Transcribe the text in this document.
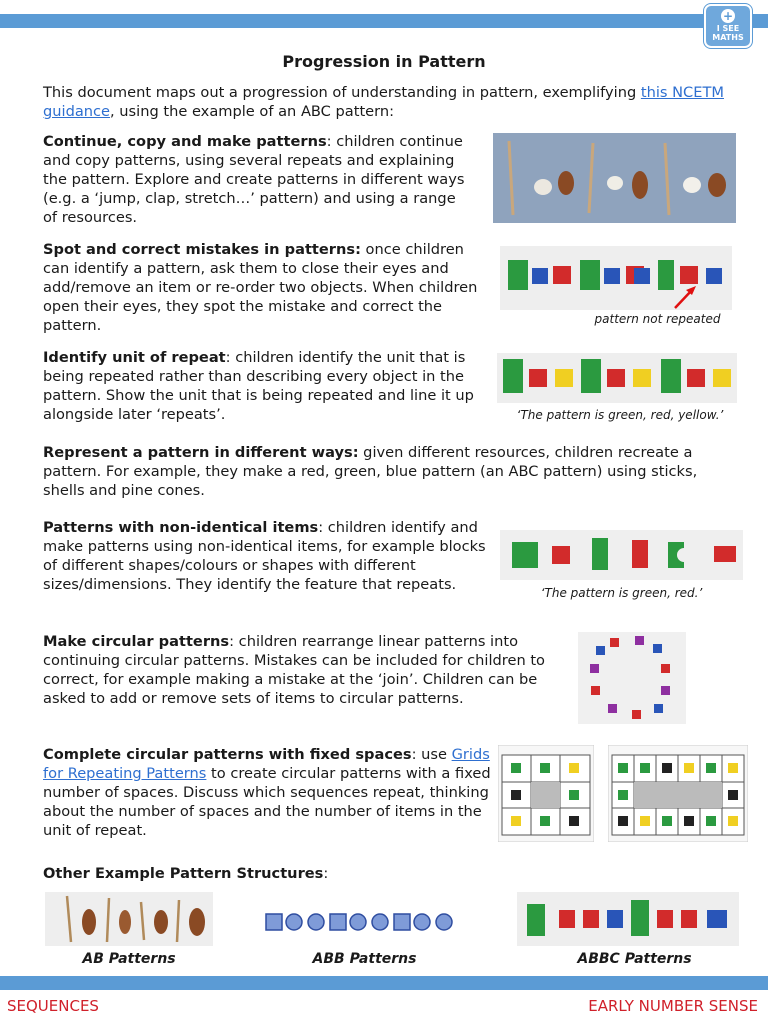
+
I SEE
MATHS
Progression in Pattern

This document maps out a progression of understanding in pattern, exemplifying this NCETM guidance, using the example of an ABC pattern:

Continue, copy and make patterns: children continue and copy patterns, using several repeats and explaining the pattern. Explore and create patterns in different ways (e.g. a ‘jump, clap, stretch…’ pattern) and using a range of resources.

Spot and correct mistakes in patterns: once children can identify a pattern, ask them to close their eyes and add/remove an item or re-order two objects. When children open their eyes, they spot the mistake and correct the pattern.	pattern not repeated

Identify unit of repeat: children identify the unit that is being repeated rather than describing every object in the pattern. Show the unit that is being repeated and line it up alongside later ‘repeats’.	‘The pattern is green, red, yellow.’

Represent a pattern in different ways: given different resources, children recreate a pattern. For example, they make a red, green, blue pattern (an ABC pattern) using sticks, shells and pine cones.

Patterns with non-identical items: children identify and make patterns using non-identical items, for example blocks of different shapes/colours or shapes with different sizes/dimensions. They identify the feature that repeats.	‘The pattern is green, red.’

Make circular patterns: children rearrange linear patterns into continuing circular patterns. Mistakes can be included for children to correct, for example making a mistake at the ‘join’. Children can be asked to add or remove sets of items to circular patterns.

Complete circular patterns with fixed spaces: use Grids for Repeating Patterns to create circular patterns with a fixed number of spaces. Discuss which sequences repeat, thinking about the number of spaces and the number of items in the unit of repeat.

Other Example Pattern Structures:

AB Patterns	ABB Patterns	ABBC Patterns
SEQUENCES	EARLY NUMBER SENSE
